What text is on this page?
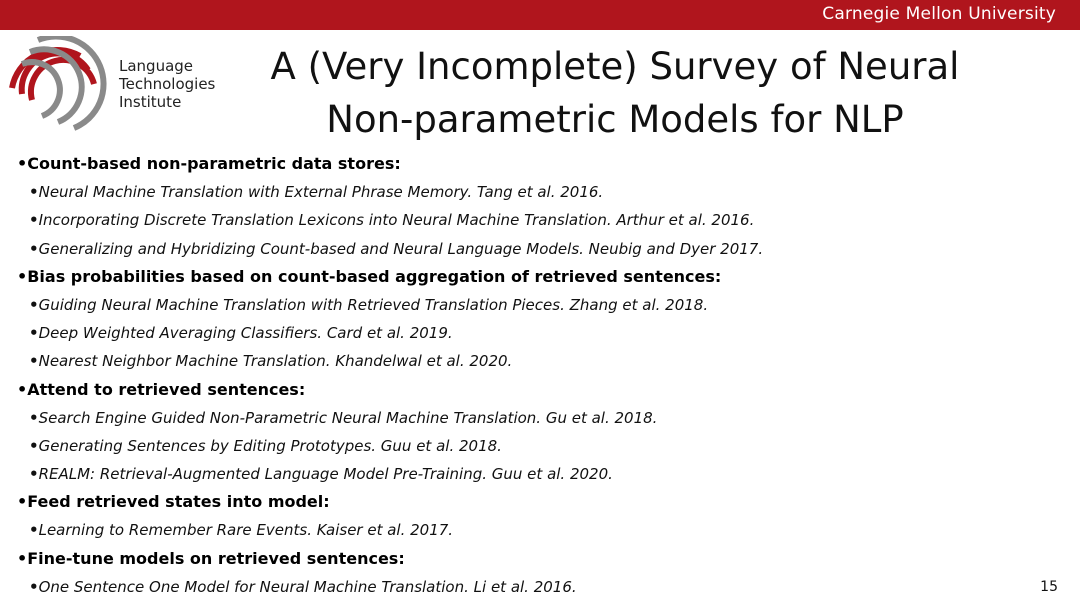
Carnegie Mellon University
Language
Technologies
Institute
A (Very Incomplete) Survey of Neural
Non-parametric Models for NLP
•Count-based non-parametric data stores:
•Neural Machine Translation with External Phrase Memory. Tang et al. 2016.
•Incorporating Discrete Translation Lexicons into Neural Machine Translation. Arthur et al. 2016.
•Generalizing and Hybridizing Count-based and Neural Language Models. Neubig and Dyer 2017.
•Bias probabilities based on count-based aggregation of retrieved sentences:
•Guiding Neural Machine Translation with Retrieved Translation Pieces. Zhang et al. 2018.
•Deep Weighted Averaging Classifiers. Card et al. 2019.
•Nearest Neighbor Machine Translation. Khandelwal et al. 2020.
•Attend to retrieved sentences:
•Search Engine Guided Non-Parametric Neural Machine Translation. Gu et al. 2018.
•Generating Sentences by Editing Prototypes. Guu et al. 2018.
•REALM: Retrieval-Augmented Language Model Pre-Training. Guu et al. 2020.
•Feed retrieved states into model:
•Learning to Remember Rare Events. Kaiser et al. 2017.
•Fine-tune models on retrieved sentences:
•One Sentence One Model for Neural Machine Translation. Li et al. 2016.	15
